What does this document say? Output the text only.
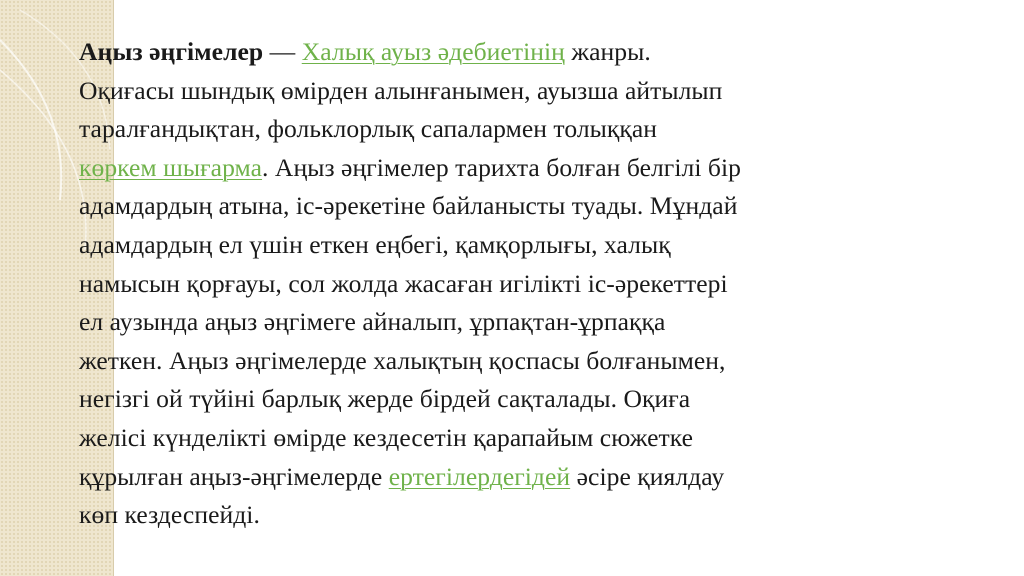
Аңыз әңгімелер — Халық ауыз әдебиетінің жанры.
Оқиғасы шындық өмірден алынғанымен, ауызша айтылып
таралғандықтан, фольклорлық сапалармен толыққан
көркем шығарма. Аңыз әңгімелер тарихта болған белгілі бір
адамдардың атына, іс-әрекетіне байланысты туады. Мұндай
адамдардың ел үшін еткен еңбегі, қамқорлығы, халық
намысын қорғауы, сол жолда жасаған игілікті іс-әрекеттері
ел аузында аңыз әңгімеге айналып, ұрпақтан-ұрпаққа
жеткен. Аңыз әңгімелерде халықтың қоспасы болғанымен,
негізгі ой түйіні барлық жерде бірдей сақталады. Оқиға
желісі күнделікті өмірде кездесетін қарапайым сюжетке
құрылған аңыз-әңгімелерде ертегілердегідей әсіре қиялдау
көп кездеспейді.
